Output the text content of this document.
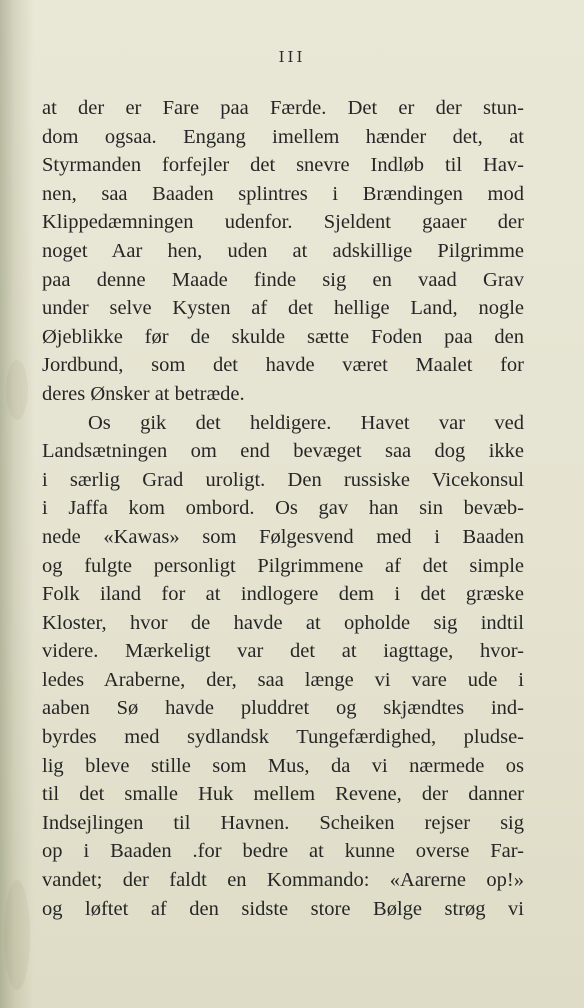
III
at der er Fare paa Færde. Det er der stun-
dom ogsaa. Engang imellem hænder det, at
Styrmanden forfejler det snevre Indløb til Hav-
nen, saa Baaden splintres i Brændingen mod
Klippedæmningen udenfor. Sjeldent gaaer der
noget Aar hen, uden at adskillige Pilgrimme
paa denne Maade finde sig en vaad Grav
under selve Kysten af det hellige Land, nogle
Øjeblikke før de skulde sætte Foden paa den
Jordbund, som det havde været Maalet for
deres Ønsker at betræde.
Os gik det heldigere. Havet var ved
Landsætningen om end bevæget saa dog ikke
i særlig Grad uroligt. Den russiske Vicekonsul
i Jaffa kom ombord. Os gav han sin bevæb-
nede «Kawas» som Følgesvend med i Baaden
og fulgte personligt Pilgrimmene af det simple
Folk iland for at indlogere dem i det græske
Kloster, hvor de havde at opholde sig indtil
videre. Mærkeligt var det at iagttage, hvor-
ledes Araberne, der, saa længe vi vare ude i
aaben Sø havde pluddret og skjændtes ind-
byrdes med sydlandsk Tungefærdighed, pludse-
lig bleve stille som Mus, da vi nærmede os
til det smalle Huk mellem Revene, der danner
Indsejlingen til Havnen. Scheiken rejser sig
op i Baaden .for bedre at kunne overse Far-
vandet; der faldt en Kommando: «Aarerne op!»
og løftet af den sidste store Bølge strøg vi
